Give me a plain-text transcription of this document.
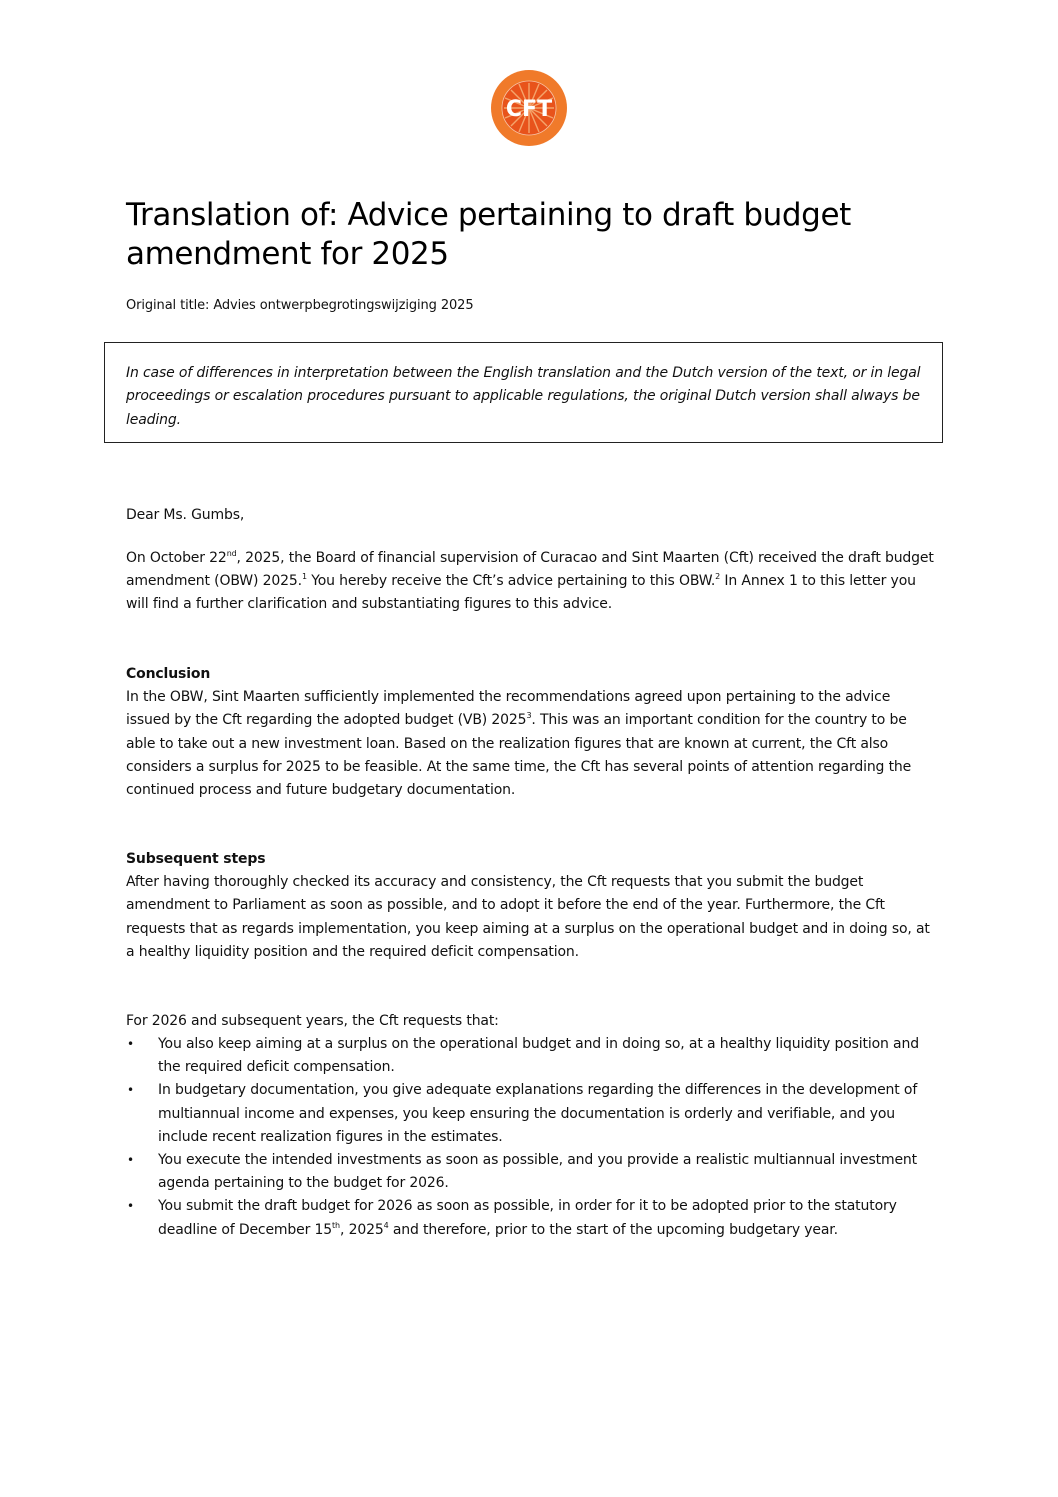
CFT
Translation of: Advice pertaining to draft budget amendment for 2025
Original title: Advies ontwerpbegrotingswijziging 2025

In case of differences in interpretation between the English translation and the Dutch version of the text, or in legal proceedings or escalation procedures pursuant to applicable regulations, the original Dutch version shall always be leading.

Dear Ms. Gumbs,

On October 22nd, 2025, the Board of financial supervision of Curacao and Sint Maarten (Cft) received the draft budget amendment (OBW) 2025.$^1$ You hereby receive the Cft’s advice pertaining to this OBW.$^2$ In Annex 1 to this letter you will find a further clarification and substantiating figures to this advice.

Conclusion

In the OBW, Sint Maarten sufficiently implemented the recommendations agreed upon pertaining to the advice issued by the Cft regarding the adopted budget (VB) 2025$^3$. This was an important condition for the country to be able to take out a new investment loan. Based on the realization figures that are known at current, the Cft also considers a surplus for 2025 to be feasible. At the same time, the Cft has several points of attention regarding the continued process and future budgetary documentation.

Subsequent steps

After having thoroughly checked its accuracy and consistency, the Cft requests that you submit the budget amendment to Parliament as soon as possible, and to adopt it before the end of the year. Furthermore, the Cft requests that as regards implementation, you keep aiming at a surplus on the operational budget and in doing so, at a healthy liquidity position and the required deficit compensation.

For 2026 and subsequent years, the Cft requests that:

• You also keep aiming at a surplus on the operational budget and in doing so, at a healthy liquidity position and the required deficit compensation.
• In budgetary documentation, you give adequate explanations regarding the differences in the development of multiannual income and expenses, you keep ensuring the documentation is orderly and verifiable, and you include recent realization figures in the estimates.
• You execute the intended investments as soon as possible, and you provide a realistic multiannual investment agenda pertaining to the budget for 2026.
• You submit the draft budget for 2026 as soon as possible, in order for it to be adopted prior to the statutory deadline of December 15th, 2025$^4$ and therefore, prior to the start of the upcoming budgetary year.
